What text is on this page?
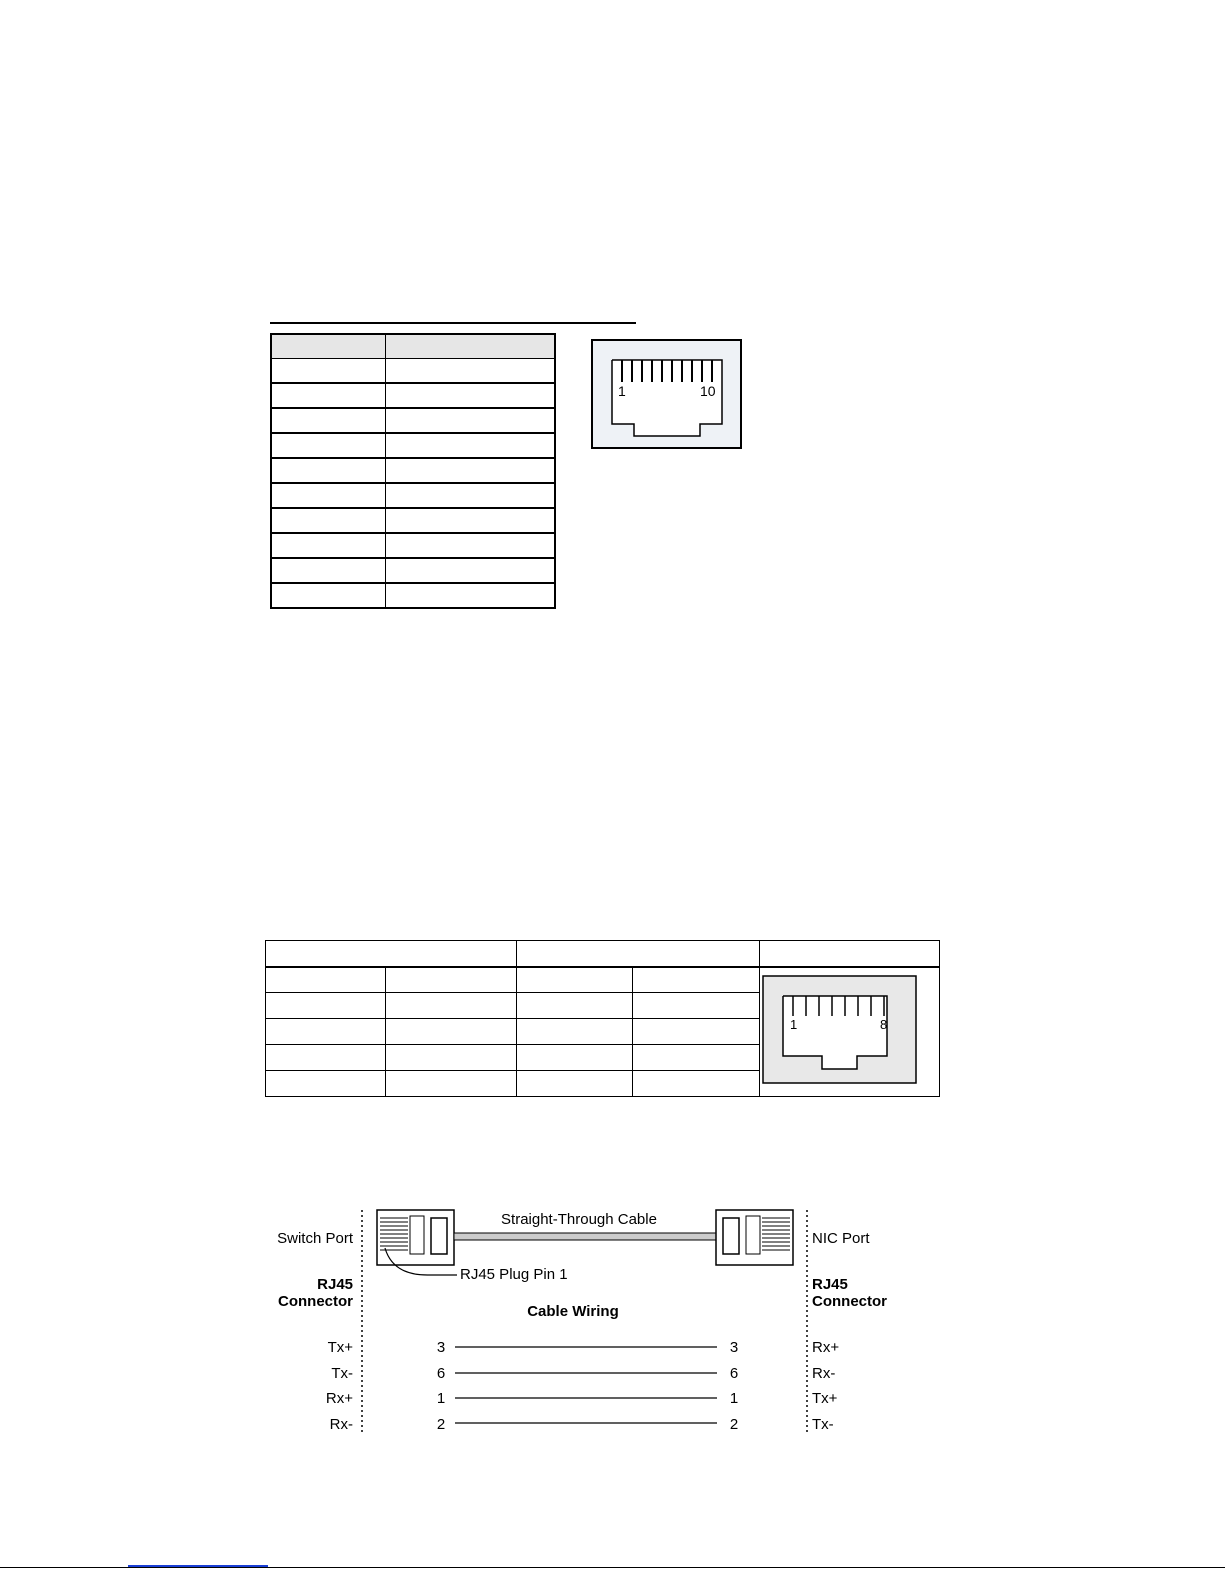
1	10

1	8
RJ45 Plug Pin 1
Straight-Through Cable
Cable Wiring
Switch Port	NIC Port
RJ45
Connector
RJ45
Connector
Tx+	3	3	Rx+
Tx-	6	6	Rx-
Rx+	1	1	Tx+
Rx-	2	2	Tx-
